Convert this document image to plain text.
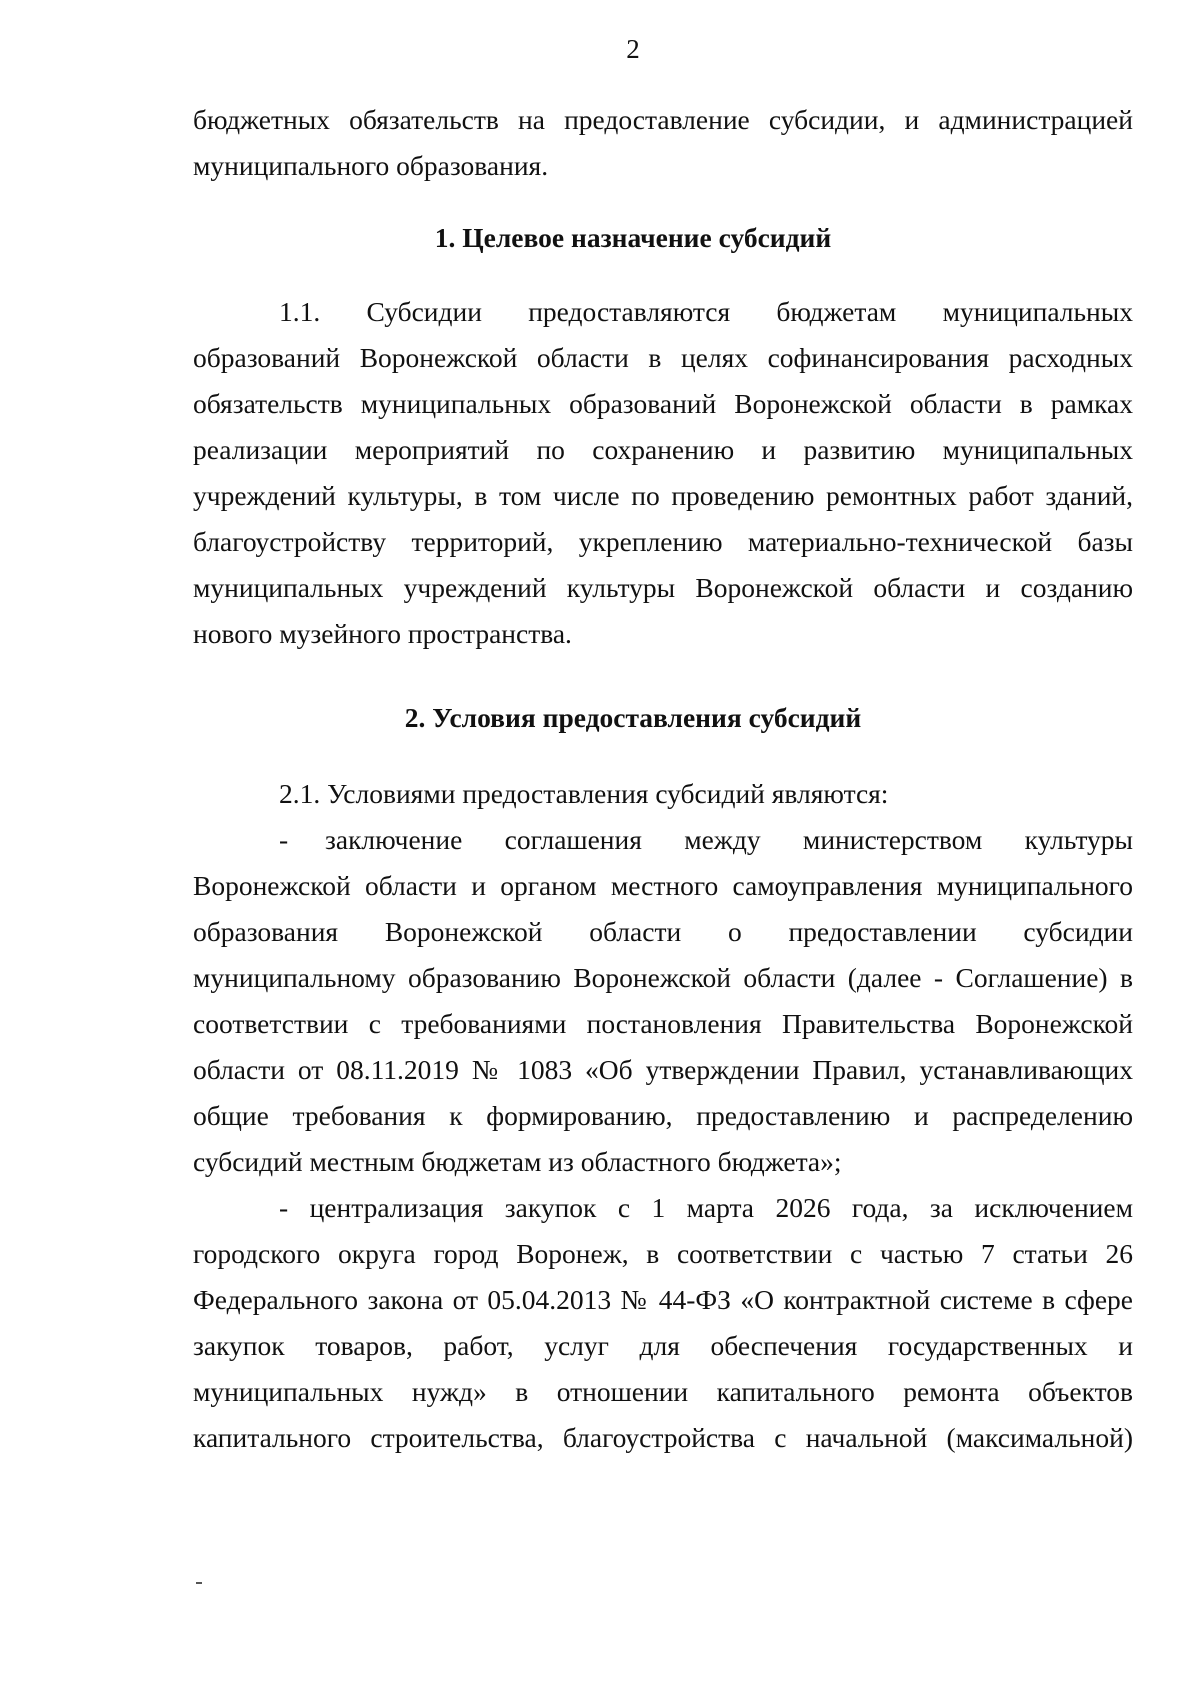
2
бюджетных обязательств на предоставление субсидии, и администрацией
муниципального образования.
1. Целевое назначение субсидий
1.1. Субсидии предоставляются бюджетам муниципальных
образований Воронежской области в целях софинансирования расходных
обязательств муниципальных образований Воронежской области в рамках
реализации мероприятий по сохранению и развитию муниципальных
учреждений культуры, в том числе по проведению ремонтных работ зданий,
благоустройству территорий, укреплению материально-технической базы
муниципальных учреждений культуры Воронежской области и созданию
нового музейного пространства.
2. Условия предоставления субсидий
2.1. Условиями предоставления субсидий являются:
- заключение соглашения между министерством культуры
Воронежской области и органом местного самоуправления муниципального
образования Воронежской области о предоставлении субсидии
муниципальному образованию Воронежской области (далее - Соглашение) в
соответствии с требованиями постановления Правительства Воронежской
области от 08.11.2019 № 1083 «Об утверждении Правил, устанавливающих
общие требования к формированию, предоставлению и распределению
субсидий местным бюджетам из областного бюджета»;
- централизация закупок с 1 марта 2026 года, за исключением
городского округа город Воронеж, в соответствии с частью 7 статьи 26
Федерального закона от 05.04.2013 № 44-ФЗ «О контрактной системе в сфере
закупок товаров, работ, услуг для обеспечения государственных и
муниципальных нужд» в отношении капитального ремонта объектов
капитального строительства, благоустройства с начальной (максимальной)
